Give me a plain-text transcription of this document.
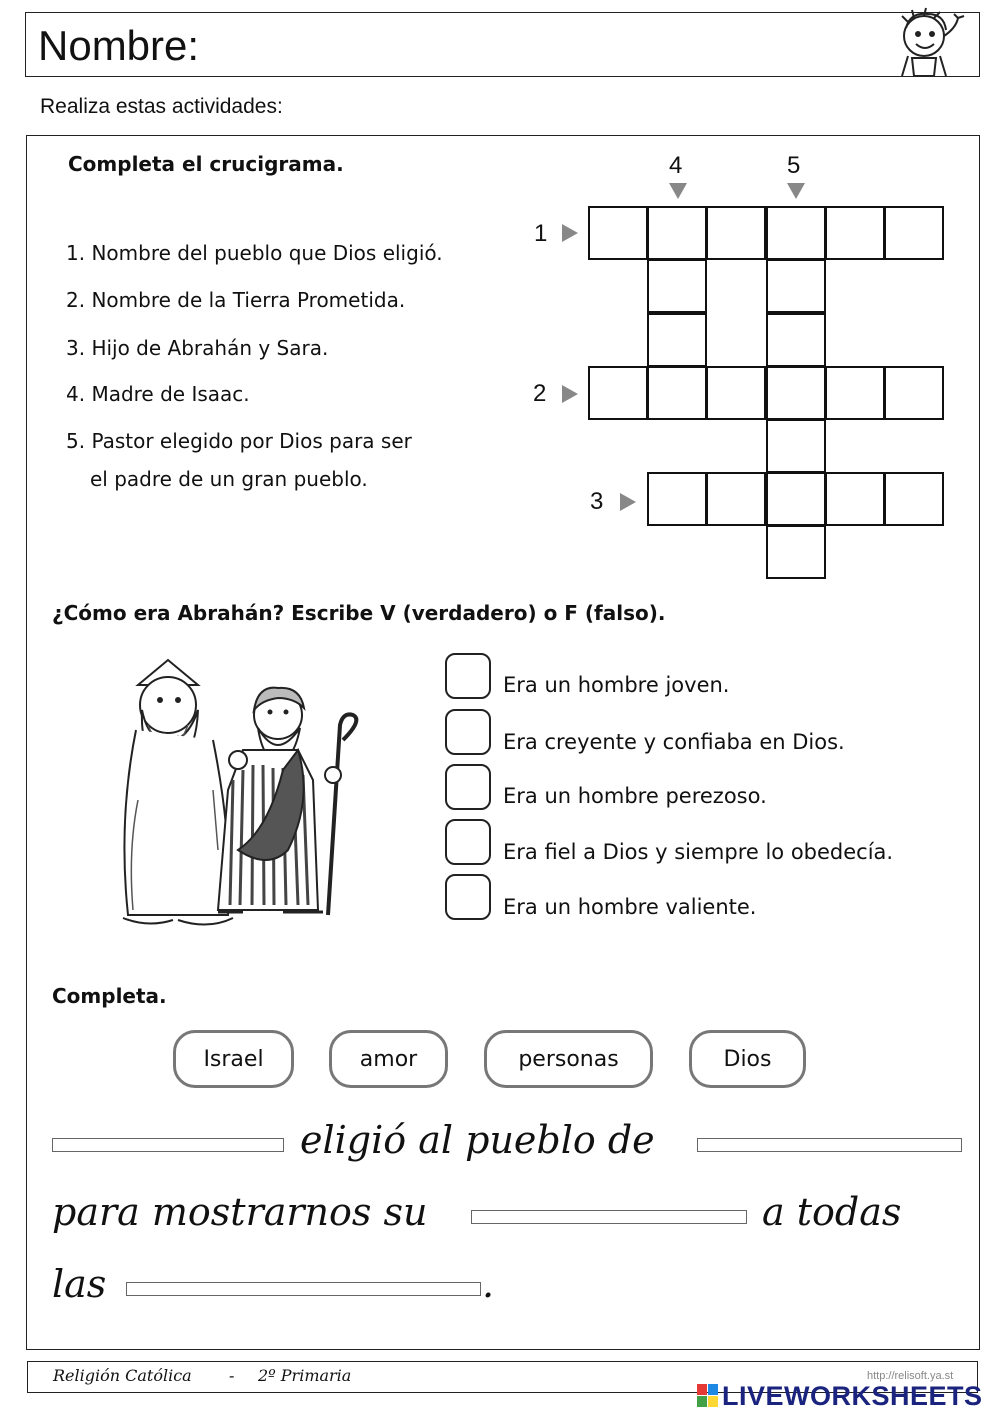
Nombre:
Realiza estas actividades:
Completa el crucigrama.
1. Nombre del pueblo que Dios eligió.
2. Nombre de la Tierra Prometida.
3. Hijo de Abrahán y Sara.
4. Madre de Isaac.
5. Pastor elegido por Dios para ser
el padre de un gran pueblo.
4	5
1
2
3
¿Cómo era Abrahán? Escribe V (verdadero) o F (falso).
Era un hombre joven.
Era creyente y confiaba en Dios.
Era un hombre perezoso.
Era fiel a Dios y siempre lo obedecía.
Era un hombre valiente.
Completa.
Israel	amor	personas	Dios
eligió al pueblo de
para mostrarnos su	a todas
las	.
Religión Católica - 2º Primaria	http://relisoft.ya.st
LIVEWORKSHEETS
